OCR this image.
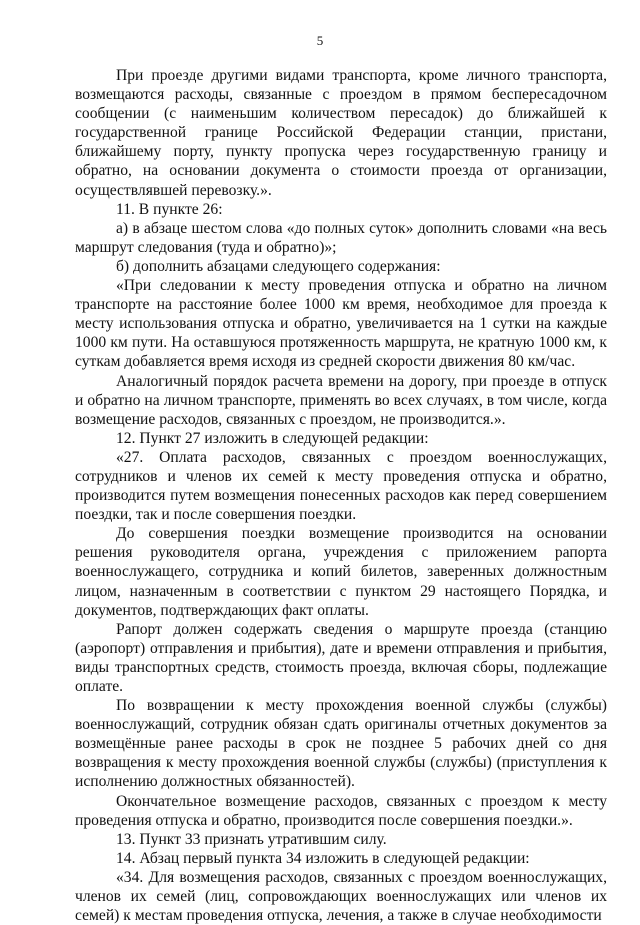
5

При проезде другими видами транспорта, кроме личного транспорта, возмещаются расходы, связанные с проездом в прямом беспересадочном сообщении (с наименьшим количеством пересадок) до ближайшей к государственной границе Российской Федерации станции, пристани, ближайшему порту, пункту пропуска через государственную границу и обратно, на основании документа о стоимости проезда от организации, осуществлявшей перевозку.».

11. В пункте 26:

а) в абзаце шестом слова «до полных суток» дополнить словами «на весь маршрут следования (туда и обратно)»;

б) дополнить абзацами следующего содержания:

«При следовании к месту проведения отпуска и обратно на личном транспорте на расстояние более 1000 км время, необходимое для проезда к месту использования отпуска и обратно, увеличивается на 1 сутки на каждые 1000 км пути. На оставшуюся протяженность маршрута, не кратную 1000 км, к суткам добавляется время исходя из средней скорости движения 80 км/час.

Аналогичный порядок расчета времени на дорогу, при проезде в отпуск и обратно на личном транспорте, применять во всех случаях, в том числе, когда возмещение расходов, связанных с проездом, не производится.».

12. Пункт 27 изложить в следующей редакции:

«27. Оплата расходов, связанных с проездом военнослужащих, сотрудников и членов их семей к месту проведения отпуска и обратно, производится путем возмещения понесенных расходов как перед совершением поездки, так и после совершения поездки.

До совершения поездки возмещение производится на основании решения руководителя органа, учреждения с приложением рапорта военнослужащего, сотрудника и копий билетов, заверенных должностным лицом, назначенным в соответствии с пунктом 29 настоящего Порядка, и документов, подтверждающих факт оплаты.

Рапорт должен содержать сведения о маршруте проезда (станцию (аэропорт) отправления и прибытия), дате и времени отправления и прибытия, виды транспортных средств, стоимость проезда, включая сборы, подлежащие оплате.

По возвращении к месту прохождения военной службы (службы) военнослужащий, сотрудник обязан сдать оригиналы отчетных документов за возмещённые ранее расходы в срок не позднее 5 рабочих дней со дня возвращения к месту прохождения военной службы (службы) (приступления к исполнению должностных обязанностей).

Окончательное возмещение расходов, связанных с проездом к месту проведения отпуска и обратно, производится после совершения поездки.».

13. Пункт 33 признать утратившим силу.

14. Абзац первый пункта 34 изложить в следующей редакции:

«34. Для возмещения расходов, связанных с проездом военнослужащих, членов их семей (лиц, сопровождающих военнослужащих или членов их семей) к местам проведения отпуска, лечения, а также в случае необходимости
